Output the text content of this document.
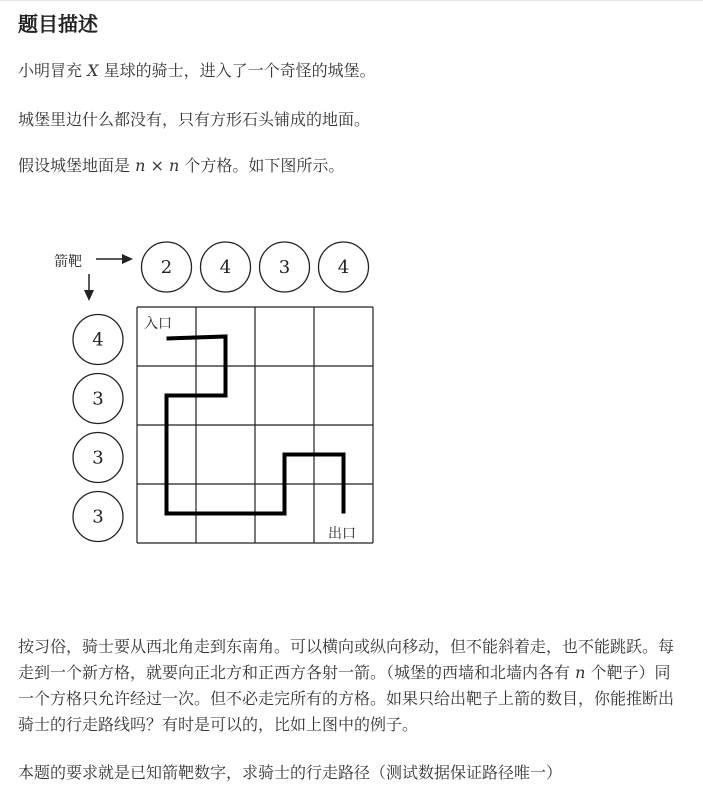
题目描述

小明冒充 X 星球的骑士，进入了一个奇怪的城堡。

城堡里边什么都没有，只有方形石头铺成的地面。

假设城堡地面是 n × n 个方格。如下图所示。

箭靶	2	4	3	4
4
3
3
3
入口
出口

按习俗，骑士要从西北角走到东南角。可以横向或纵向移动，但不能斜着走，也不能跳跃。每走到一个新方格，就要向正北方和正西方各射一箭。（城堡的西墙和北墙内各有 n 个靶子）同一个方格只允许经过一次。但不必走完所有的方格。如果只给出靶子上箭的数目，你能推断出骑士的行走路线吗？有时是可以的，比如上图中的例子。

本题的要求就是已知箭靶数字，求骑士的行走路径（测试数据保证路径唯一）
